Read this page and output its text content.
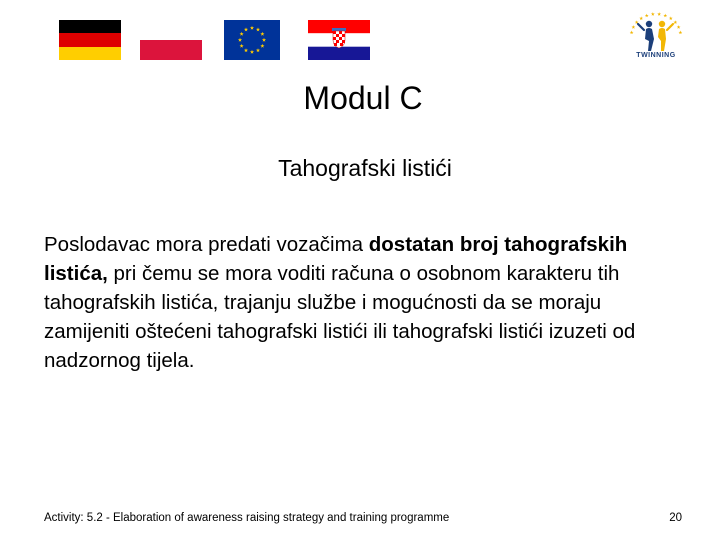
TWINNING
Modul C
Tahografski listići
Poslodavac mora predati vozačima dostatan broj tahografskih listića, pri čemu se mora voditi računa o osobnom karakteru tih tahografskih listića, trajanju službe i mogućnosti da se moraju zamijeniti oštećeni tahografski listići ili tahografski listići izuzeti od nadzornog tijela.
Activity: 5.2 - Elaboration of awareness raising strategy and training programme	20
